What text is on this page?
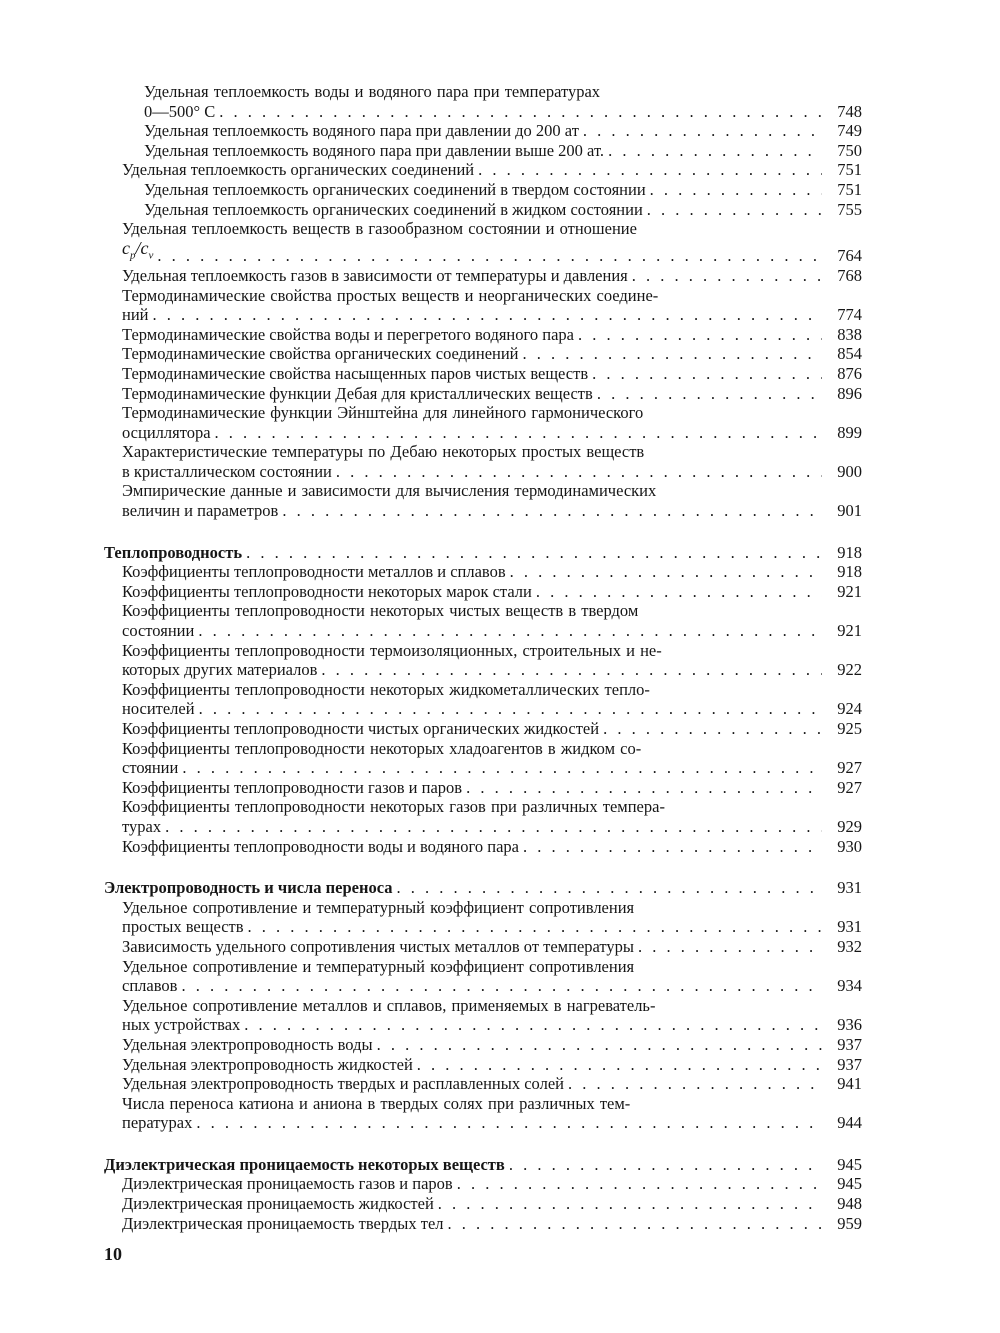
Удельная теплоемкость воды и водяного пара при температурах
0—500° С . . .	748
Удельная теплоемкость водяного пара при давлении до 200 ат . . .	749
Удельная теплоемкость водяного пара при давлении выше 200 ат. . . .	750
Удельная теплоемкость органических соединений . . .	751
Удельная теплоемкость органических соединений в твердом состоянии . . .	751
Удельная теплоемкость органических соединений в жидком состоянии . . .	755
Удельная теплоемкость веществ в газообразном состоянии и отношение
$c_p/c_v$ . . .	764
Удельная теплоемкость газов в зависимости от температуры и давления . . .	768
Термодинамические свойства простых веществ и неорганических соедине-
ний . . .	774
Термодинамические свойства воды и перегретого водяного пара . . .	838
Термодинамические свойства органических соединений . . .	854
Термодинамические свойства насыщенных паров чистых веществ . . .	876
Термодинамические функции Дебая для кристаллических веществ . . .	896
Термодинамические функции Эйнштейна для линейного гармонического
осциллятора . . .	899
Характеристические температуры по Дебаю некоторых простых веществ
в кристаллическом состоянии . . .	900
Эмпирические данные и зависимости для вычисления термодинамических
величин и параметров . . .	901
Теплопроводность . . .	918
Коэффициенты теплопроводности металлов и сплавов . . .	918
Коэффициенты теплопроводности некоторых марок стали . . .	921
Коэффициенты теплопроводности некоторых чистых веществ в твердом
состоянии . . .	921
Коэффициенты теплопроводности термоизоляционных, строительных и не-
которых других материалов . . .	922
Коэффициенты теплопроводности некоторых жидкометаллических тепло-
носителей . . .	924
Коэффициенты теплопроводности чистых органических жидкостей . . .	925
Коэффициенты теплопроводности некоторых хладоагентов в жидком со-
стоянии . . .	927
Коэффициенты теплопроводности газов и паров . . .	927
Коэффициенты теплопроводности некоторых газов при различных темпера-
турах . . .	929
Коэффициенты теплопроводности воды и водяного пара . . .	930
Электропроводность и числа переноса . . .	931
Удельное сопротивление и температурный коэффициент сопротивления
простых веществ . . .	931
Зависимость удельного сопротивления чистых металлов от температуры . . .	932
Удельное сопротивление и температурный коэффициент сопротивления
сплавов . . .	934
Удельное сопротивление металлов и сплавов, применяемых в нагреватель-
ных устройствах . . .	936
Удельная электропроводность воды . . .	937
Удельная электропроводность жидкостей . . .	937
Удельная электропроводность твердых и расплавленных солей . . .	941
Числа переноса катиона и аниона в твердых солях при различных тем-
пературах . . .	944
Диэлектрическая проницаемость некоторых веществ . . .	945
Диэлектрическая проницаемость газов и паров . . .	945
Диэлектрическая проницаемость жидкостей . . .	948
Диэлектрическая проницаемость твердых тел . . .	959
10
